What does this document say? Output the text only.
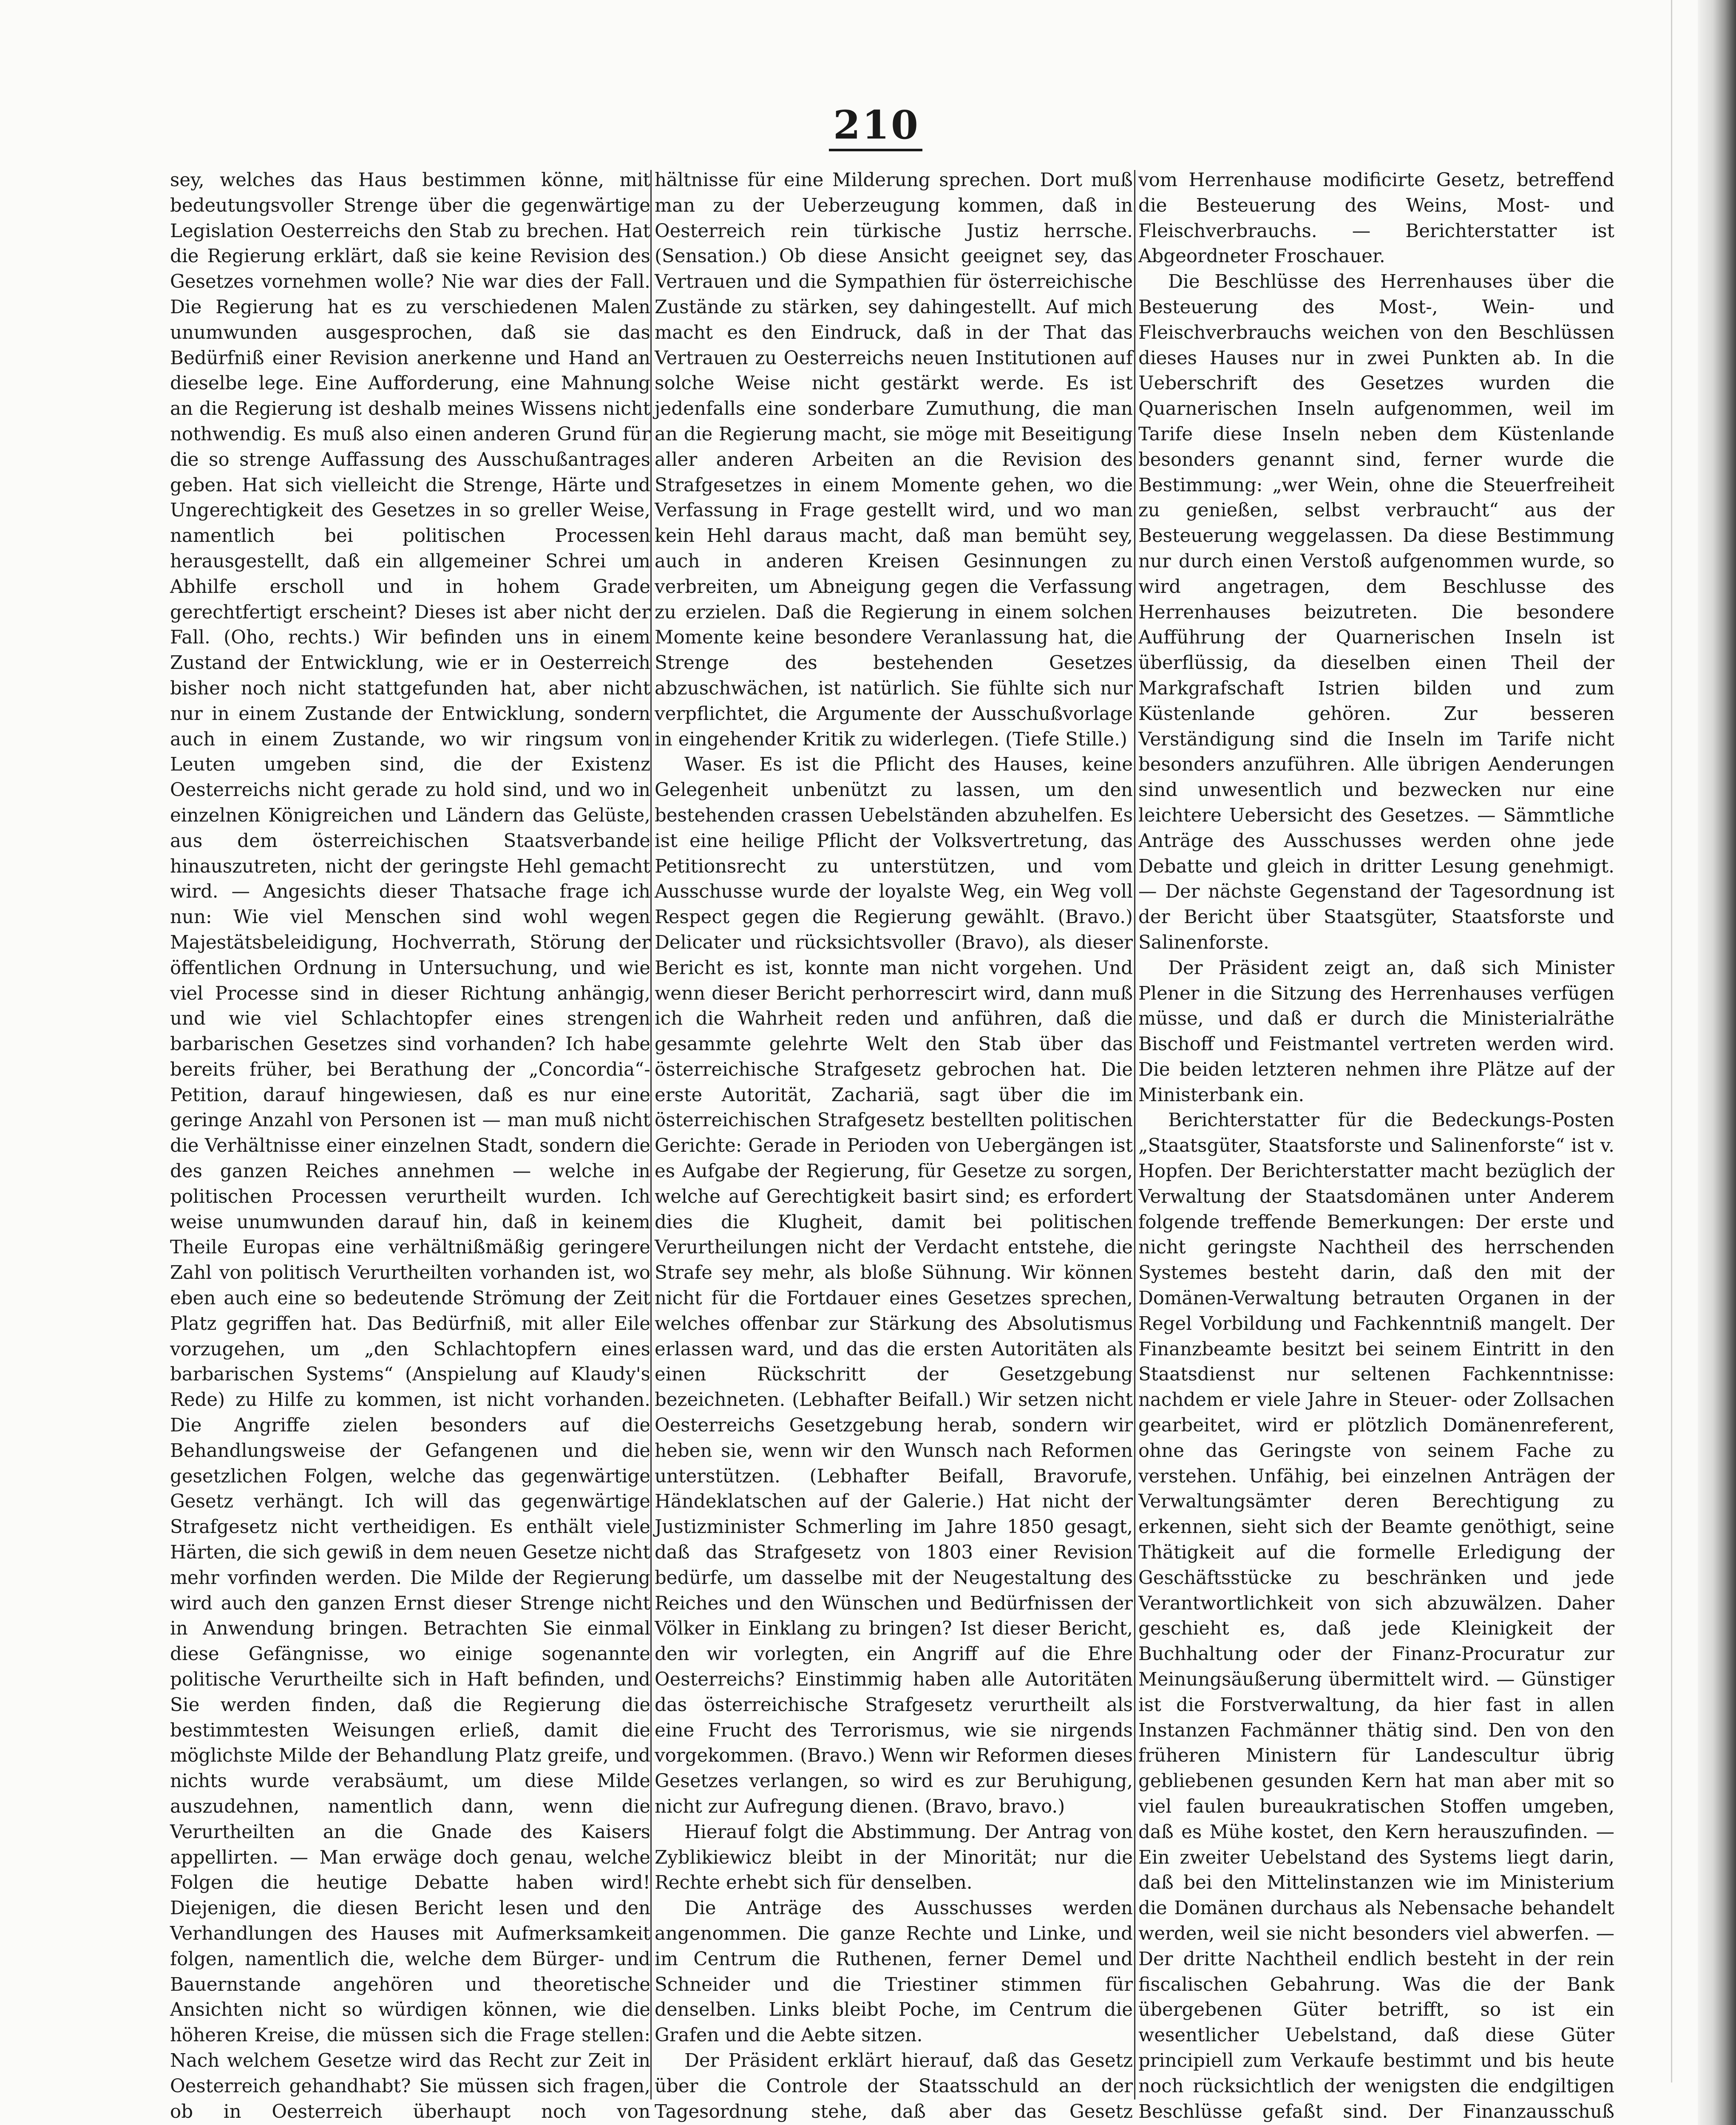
210

sey, welches das Haus bestimmen könne, mit bedeutungsvoller Strenge über die gegenwärtige Legislation Oesterreichs den Stab zu brechen. Hat die Regierung erklärt, daß sie keine Revision des Gesetzes vornehmen wolle? Nie war dies der Fall. Die Regierung hat es zu verschiedenen Malen unumwunden ausgesprochen, daß sie das Bedürfniß einer Revision anerkenne und Hand an dieselbe lege. Eine Aufforderung, eine Mahnung an die Regierung ist deshalb meines Wissens nicht nothwendig. Es muß also einen anderen Grund für die so strenge Auffassung des Ausschußantrages geben. Hat sich vielleicht die Strenge, Härte und Ungerechtigkeit des Gesetzes in so greller Weise, namentlich bei politischen Processen herausgestellt, daß ein allgemeiner Schrei um Abhilfe erscholl und in hohem Grade gerechtfertigt erscheint? Dieses ist aber nicht der Fall. (Oho, rechts.) Wir befinden uns in einem Zustand der Entwicklung, wie er in Oesterreich bisher noch nicht stattgefunden hat, aber nicht nur in einem Zustande der Entwicklung, sondern auch in einem Zustande, wo wir ringsum von Leuten umgeben sind, die der Existenz Oesterreichs nicht gerade zu hold sind, und wo in einzelnen Königreichen und Ländern das Gelüste, aus dem österreichischen Staatsverbande hinauszutreten, nicht der geringste Hehl gemacht wird. — Angesichts dieser Thatsache frage ich nun: Wie viel Menschen sind wohl wegen Majestätsbeleidigung, Hochverrath, Störung der öffentlichen Ordnung in Untersuchung, und wie viel Processe sind in dieser Richtung anhängig, und wie viel Schlachtopfer eines strengen barbarischen Gesetzes sind vorhanden? Ich habe bereits früher, bei Berathung der „Concordia“-Petition, darauf hingewiesen, daß es nur eine geringe Anzahl von Personen ist — man muß nicht die Verhältnisse einer einzelnen Stadt, sondern die des ganzen Reiches annehmen — welche in politischen Processen verurtheilt wurden. Ich weise unumwunden darauf hin, daß in keinem Theile Europas eine verhältnißmäßig geringere Zahl von politisch Verurtheilten vorhanden ist, wo eben auch eine so bedeutende Strömung der Zeit Platz gegriffen hat. Das Bedürfniß, mit aller Eile vorzugehen, um „den Schlachtopfern eines barbarischen Systems“ (Anspielung auf Klaudy's Rede) zu Hilfe zu kommen, ist nicht vorhanden. Die Angriffe zielen besonders auf die Behandlungsweise der Gefangenen und die gesetzlichen Folgen, welche das gegenwärtige Gesetz verhängt. Ich will das gegenwärtige Strafgesetz nicht vertheidigen. Es enthält viele Härten, die sich gewiß in dem neuen Gesetze nicht mehr vorfinden werden. Die Milde der Regierung wird auch den ganzen Ernst dieser Strenge nicht in Anwendung bringen. Betrachten Sie einmal diese Gefängnisse, wo einige sogenannte politische Verurtheilte sich in Haft befinden, und Sie werden finden, daß die Regierung die bestimmtesten Weisungen erließ, damit die möglichste Milde der Behandlung Platz greife, und nichts wurde verabsäumt, um diese Milde auszudehnen, namentlich dann, wenn die Verurtheilten an die Gnade des Kaisers appellirten. — Man erwäge doch genau, welche Folgen die heutige Debatte haben wird! Diejenigen, die diesen Bericht lesen und den Verhandlungen des Hauses mit Aufmerksamkeit folgen, namentlich die, welche dem Bürger- und Bauernstande angehören und theoretische Ansichten nicht so würdigen können, wie die höheren Kreise, die müssen sich die Frage stellen: Nach welchem Gesetze wird das Recht zur Zeit in Oesterreich gehandhabt? Sie müssen sich fragen, ob in Oesterreich überhaupt noch von

hältnisse für eine Milderung sprechen. Dort muß man zu der Ueberzeugung kommen, daß in Oesterreich rein türkische Justiz herrsche. (Sensation.) Ob diese Ansicht geeignet sey, das Vertrauen und die Sympathien für österreichische Zustände zu stärken, sey dahingestellt. Auf mich macht es den Eindruck, daß in der That das Vertrauen zu Oesterreichs neuen Institutionen auf solche Weise nicht gestärkt werde. Es ist jedenfalls eine sonderbare Zumuthung, die man an die Regierung macht, sie möge mit Beseitigung aller anderen Arbeiten an die Revision des Strafgesetzes in einem Momente gehen, wo die Verfassung in Frage gestellt wird, und wo man kein Hehl daraus macht, daß man bemüht sey, auch in anderen Kreisen Gesinnungen zu verbreiten, um Abneigung gegen die Verfassung zu erzielen. Daß die Regierung in einem solchen Momente keine besondere Veranlassung hat, die Strenge des bestehenden Gesetzes abzuschwächen, ist natürlich. Sie fühlte sich nur verpflichtet, die Argumente der Ausschußvorlage in eingehender Kritik zu widerlegen. (Tiefe Stille.)

Waser. Es ist die Pflicht des Hauses, keine Gelegenheit unbenützt zu lassen, um den bestehenden crassen Uebelständen abzuhelfen. Es ist eine heilige Pflicht der Volksvertretung, das Petitionsrecht zu unterstützen, und vom Ausschusse wurde der loyalste Weg, ein Weg voll Respect gegen die Regierung gewählt. (Bravo.) Delicater und rücksichtsvoller (Bravo), als dieser Bericht es ist, konnte man nicht vorgehen. Und wenn dieser Bericht perhorrescirt wird, dann muß ich die Wahrheit reden und anführen, daß die gesammte gelehrte Welt den Stab über das österreichische Strafgesetz gebrochen hat. Die erste Autorität, Zachariä, sagt über die im österreichischen Strafgesetz bestellten politischen Gerichte: Gerade in Perioden von Uebergängen ist es Aufgabe der Regierung, für Gesetze zu sorgen, welche auf Gerechtigkeit basirt sind; es erfordert dies die Klugheit, damit bei politischen Verurtheilungen nicht der Verdacht entstehe, die Strafe sey mehr, als bloße Sühnung. Wir können nicht für die Fortdauer eines Gesetzes sprechen, welches offenbar zur Stärkung des Absolutismus erlassen ward, und das die ersten Autoritäten als einen Rückschritt der Gesetzgebung bezeichneten. (Lebhafter Beifall.) Wir setzen nicht Oesterreichs Gesetzgebung herab, sondern wir heben sie, wenn wir den Wunsch nach Reformen unterstützen. (Lebhafter Beifall, Bravorufe, Händeklatschen auf der Galerie.) Hat nicht der Justizminister Schmerling im Jahre 1850 gesagt, daß das Strafgesetz von 1803 einer Revision bedürfe, um dasselbe mit der Neugestaltung des Reiches und den Wünschen und Bedürfnissen der Völker in Einklang zu bringen? Ist dieser Bericht, den wir vorlegten, ein Angriff auf die Ehre Oesterreichs? Einstimmig haben alle Autoritäten das österreichische Strafgesetz verurtheilt als eine Frucht des Terrorismus, wie sie nirgends vorgekommen. (Bravo.) Wenn wir Reformen dieses Gesetzes verlangen, so wird es zur Beruhigung, nicht zur Aufregung dienen. (Bravo, bravo.)

Hierauf folgt die Abstimmung. Der Antrag von Zyblikiewicz bleibt in der Minorität; nur die Rechte erhebt sich für denselben.

Die Anträge des Ausschusses werden angenommen. Die ganze Rechte und Linke, und im Centrum die Ruthenen, ferner Demel und Schneider und die Triestiner stimmen für denselben. Links bleibt Poche, im Centrum die Grafen und die Aebte sitzen.

Der Präsident erklärt hierauf, daß das Gesetz über die Controle der Staatsschuld an der Tagesordnung stehe, daß aber das Gesetz

vom Herrenhause modificirte Gesetz, betreffend die Besteuerung des Weins, Most- und Fleischverbrauchs. — Berichterstatter ist Abgeordneter Froschauer.

Die Beschlüsse des Herrenhauses über die Besteuerung des Most-, Wein- und Fleischverbrauchs weichen von den Beschlüssen dieses Hauses nur in zwei Punkten ab. In die Ueberschrift des Gesetzes wurden die Quarnerischen Inseln aufgenommen, weil im Tarife diese Inseln neben dem Küstenlande besonders genannt sind, ferner wurde die Bestimmung: „wer Wein, ohne die Steuerfreiheit zu genießen, selbst verbraucht“ aus der Besteuerung weggelassen. Da diese Bestimmung nur durch einen Verstoß aufgenommen wurde, so wird angetragen, dem Beschlusse des Herrenhauses beizutreten. Die besondere Aufführung der Quarnerischen Inseln ist überflüssig, da dieselben einen Theil der Markgrafschaft Istrien bilden und zum Küstenlande gehören. Zur besseren Verständigung sind die Inseln im Tarife nicht besonders anzuführen. Alle übrigen Aenderungen sind unwesentlich und bezwecken nur eine leichtere Uebersicht des Gesetzes. — Sämmtliche Anträge des Ausschusses werden ohne jede Debatte und gleich in dritter Lesung genehmigt. — Der nächste Gegenstand der Tagesordnung ist der Bericht über Staatsgüter, Staatsforste und Salinenforste.

Der Präsident zeigt an, daß sich Minister Plener in die Sitzung des Herrenhauses verfügen müsse, und daß er durch die Ministerialräthe Bischoff und Feistmantel vertreten werden wird. Die beiden letzteren nehmen ihre Plätze auf der Ministerbank ein.

Berichterstatter für die Bedeckungs-Posten „Staatsgüter, Staatsforste und Salinenforste“ ist v. Hopfen. Der Berichterstatter macht bezüglich der Verwaltung der Staatsdomänen unter Anderem folgende treffende Bemerkungen: Der erste und nicht geringste Nachtheil des herrschenden Systemes besteht darin, daß den mit der Domänen-Verwaltung betrauten Organen in der Regel Vorbildung und Fachkenntniß mangelt. Der Finanzbeamte besitzt bei seinem Eintritt in den Staatsdienst nur seltenen Fachkenntnisse: nachdem er viele Jahre in Steuer- oder Zollsachen gearbeitet, wird er plötzlich Domänenreferent, ohne das Geringste von seinem Fache zu verstehen. Unfähig, bei einzelnen Anträgen der Verwaltungsämter deren Berechtigung zu erkennen, sieht sich der Beamte genöthigt, seine Thätigkeit auf die formelle Erledigung der Geschäftsstücke zu beschränken und jede Verantwortlichkeit von sich abzuwälzen. Daher geschieht es, daß jede Kleinigkeit der Buchhaltung oder der Finanz-Procuratur zur Meinungsäußerung übermittelt wird. — Günstiger ist die Forstverwaltung, da hier fast in allen Instanzen Fachmänner thätig sind. Den von den früheren Ministern für Landescultur übrig gebliebenen gesunden Kern hat man aber mit so viel faulen bureaukratischen Stoffen umgeben, daß es Mühe kostet, den Kern herauszufinden. — Ein zweiter Uebelstand des Systems liegt darin, daß bei den Mittelinstanzen wie im Ministerium die Domänen durchaus als Nebensache behandelt werden, weil sie nicht besonders viel abwerfen. — Der dritte Nachtheil endlich besteht in der rein fiscalischen Gebahrung. Was die der Bank übergebenen Güter betrifft, so ist ein wesentlicher Uebelstand, daß diese Güter principiell zum Verkaufe bestimmt und bis heute noch rücksichtlich der wenigsten die endgiltigen Beschlüsse gefaßt sind. Der Finanzausschuß
